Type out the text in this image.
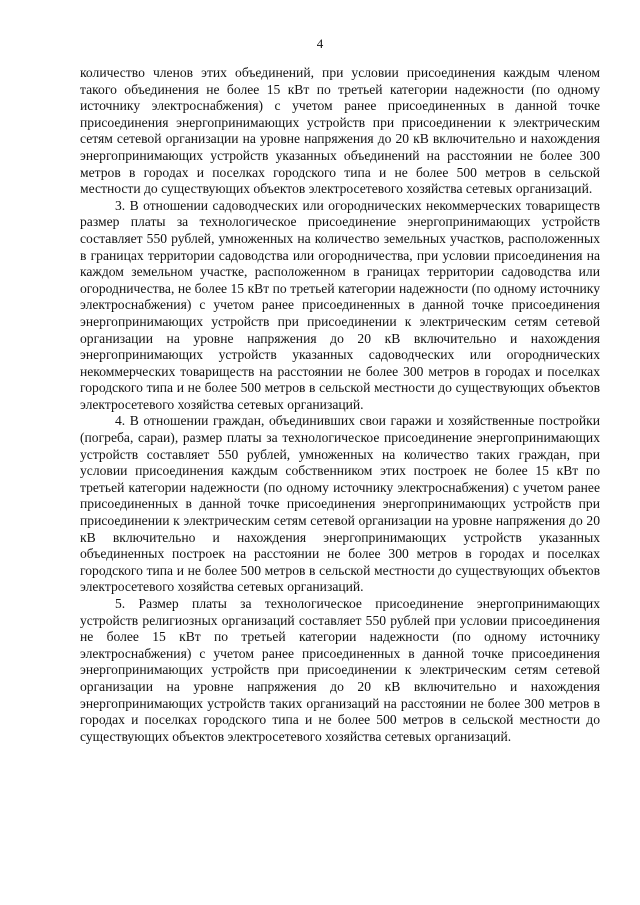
4

количество членов этих объединений, при условии присоединения каждым членом такого объединения не более 15 кВт по третьей категории надежности (по одному источнику электроснабжения) с учетом ранее присоединенных в данной точке присоединения энергопринимающих устройств при присоединении к электрическим сетям сетевой организации на уровне напряжения до 20 кВ включительно и нахождения энергопринимающих устройств указанных объединений на расстоянии не более 300 метров в городах и поселках городского типа и не более 500 метров в сельской местности до существующих объектов электросетевого хозяйства сетевых организаций.

3. В отношении садоводческих или огороднических некоммерческих товариществ размер платы за технологическое присоединение энергопринимающих устройств составляет 550 рублей, умноженных на количество земельных участков, расположенных в границах территории садоводства или огородничества, при условии присоединения на каждом земельном участке, расположенном в границах территории садоводства или огородничества, не более 15 кВт по третьей категории надежности (по одному источнику электроснабжения) с учетом ранее присоединенных в данной точке присоединения энергопринимающих устройств при присоединении к электрическим сетям сетевой организации на уровне напряжения до 20 кВ включительно и нахождения энергопринимающих устройств указанных садоводческих или огороднических некоммерческих товариществ на расстоянии не более 300 метров в городах и поселках городского типа и не более 500 метров в сельской местности до существующих объектов электросетевого хозяйства сетевых организаций.

4. В отношении граждан, объединивших свои гаражи и хозяйственные постройки (погреба, сараи), размер платы за технологическое присоединение энергопринимающих устройств составляет 550 рублей, умноженных на количество таких граждан, при условии присоединения каждым собственником этих построек не более 15 кВт по третьей категории надежности (по одному источнику электроснабжения) с учетом ранее присоединенных в данной точке присоединения энергопринимающих устройств при присоединении к электрическим сетям сетевой организации на уровне напряжения до 20 кВ включительно и нахождения энергопринимающих устройств указанных объединенных построек на расстоянии не более 300 метров в городах и поселках городского типа и не более 500 метров в сельской местности до существующих объектов электросетевого хозяйства сетевых организаций.

5. Размер платы за технологическое присоединение энергопринимающих устройств религиозных организаций составляет 550 рублей при условии присоединения не более 15 кВт по третьей категории надежности (по одному источнику электроснабжения) с учетом ранее присоединенных в данной точке присоединения энергопринимающих устройств при присоединении к электрическим сетям сетевой организации на уровне напряжения до 20 кВ включительно и нахождения энергопринимающих устройств таких организаций на расстоянии не более 300 метров в городах и поселках городского типа и не более 500 метров в сельской местности до существующих объектов электросетевого хозяйства сетевых организаций.
